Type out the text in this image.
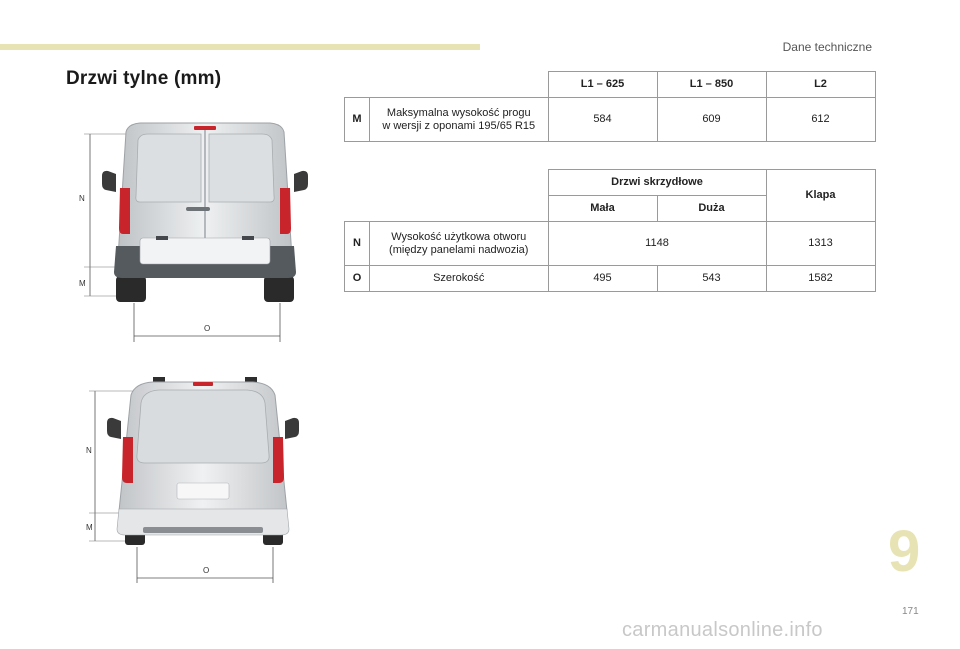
Dane techniczne
Drzwi tylne (mm)
			L1 – 625	L1 – 850	L2
M	Maksymalna wysokość progu
w wersji z oponami 195/65 R15	584	609	612
		Drzwi skrzydłowe		Klapa
		Mała	Duża	
N	Wysokość użytkowa otworu
(między panelami nadwozia)	1148		1313
O	Szerokość	495	543	1582
N
M
O
N
M
O	9
171
carmanualsonline.info
